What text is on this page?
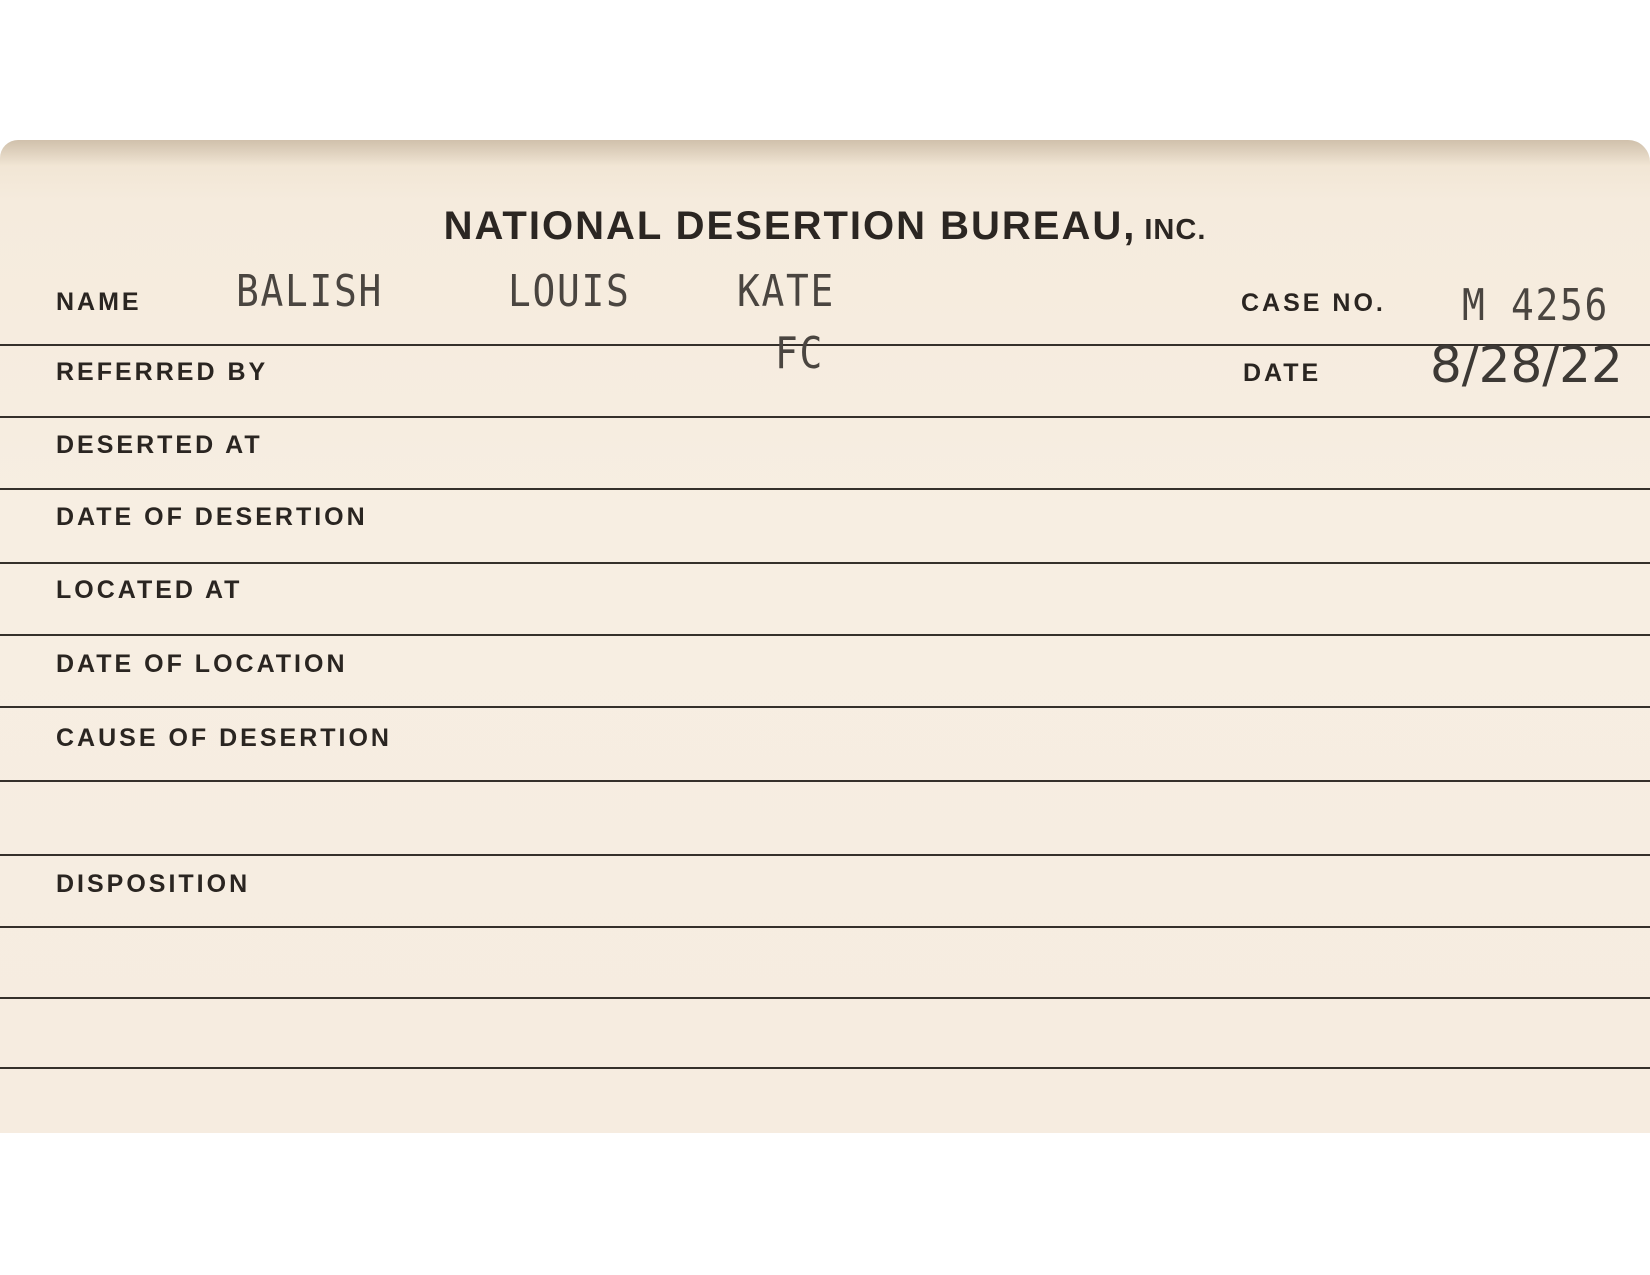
NATIONAL DESERTION BUREAU, INC.
NAME BALISH	LOUIS KATE	CASE NO. M 4256
REFERRED BY	FC	DATE 8/28/22
DESERTED AT
DATE OF DESERTION
LOCATED AT
DATE OF LOCATION
CAUSE OF DESERTION
DISPOSITION
